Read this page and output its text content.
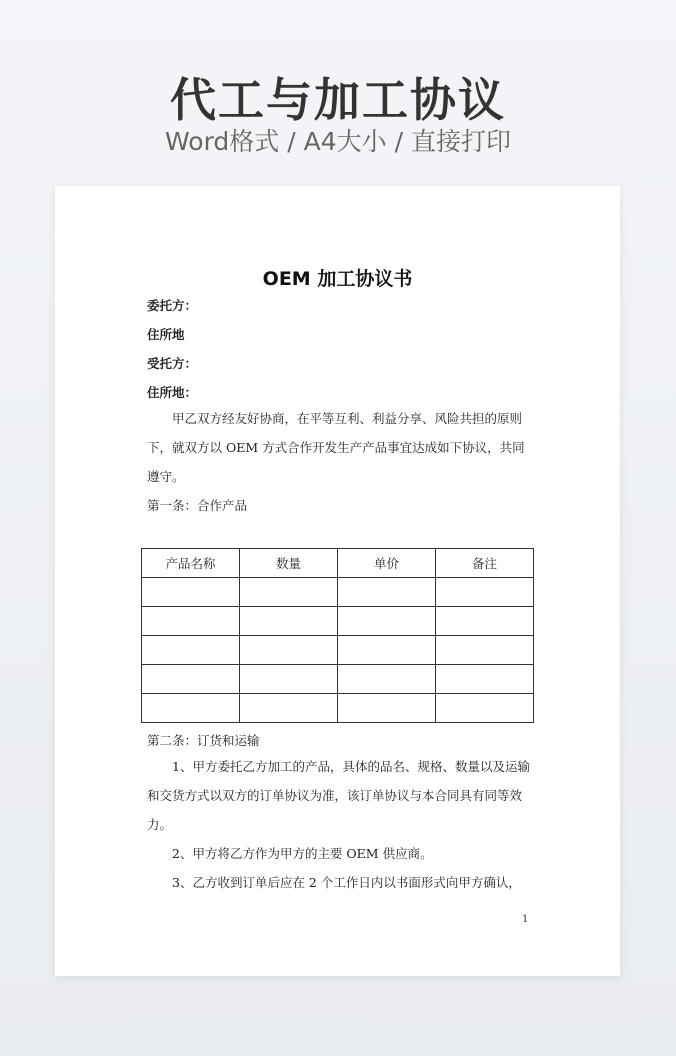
代工与加工协议
Word格式 / A4大小 / 直接打印
OEM 加工协议书
委托方：
住所地
受托方：
住所地：
甲乙双方经友好协商，在平等互利、利益分享、风险共担的原则下，就双方以 OEM 方式合作开发生产产品事宜达成如下协议，共同遵守。
第一条：合作产品
产品名称	数量	单价	备注

第二条：订货和运输
1、甲方委托乙方加工的产品，具体的品名、规格、数量以及运输和交货方式以双方的订单协议为准，该订单协议与本合同具有同等效力。
2、甲方将乙方作为甲方的主要 OEM 供应商。
3、乙方收到订单后应在 2 个工作日内以书面形式向甲方确认，
1
